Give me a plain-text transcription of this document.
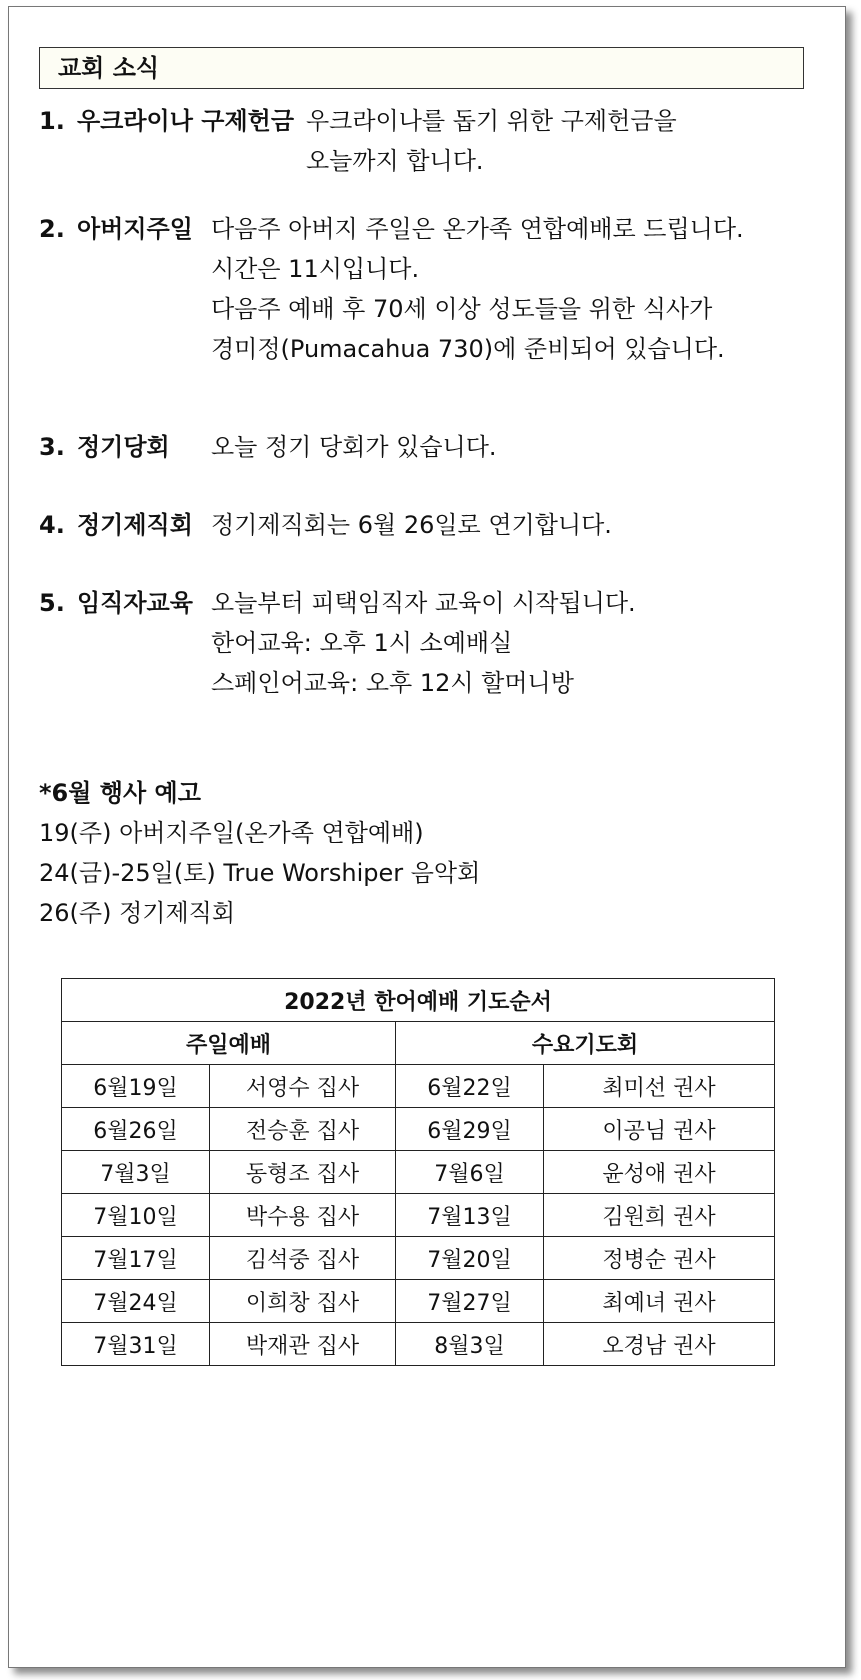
교회 소식
1. 우크라이나 구제헌금 우크라이나를 돕기 위한 구제헌금을
오늘까지 합니다.
2. 아버지주일 다음주 아버지 주일은 온가족 연합예배로 드립니다.
시간은 11시입니다.
다음주 예배 후 70세 이상 성도들을 위한 식사가
경미정(Pumacahua 730)에 준비되어 있습니다.
3. 정기당회 오늘 정기 당회가 있습니다.
4. 정기제직회 정기제직회는 6월 26일로 연기합니다.
5. 임직자교육 오늘부터 피택임직자 교육이 시작됩니다.
한어교육: 오후 1시 소예배실
스페인어교육: 오후 12시 할머니방
*6월 행사 예고
19(주) 아버지주일(온가족 연합예배)
24(금)-25일(토) True Worshiper 음악회
26(주) 정기제직회
2022년 한어예배 기도순서			
주일예배		수요기도회	
6월19일	서영수 집사	6월22일	최미선 권사
6월26일	전승훈 집사	6월29일	이공님 권사
7월3일	동형조 집사	7월6일	윤성애 권사
7월10일	박수용 집사	7월13일	김원희 권사
7월17일	김석중 집사	7월20일	정병순 권사
7월24일	이희창 집사	7월27일	최예녀 권사
7월31일	박재관 집사	8월3일	오경남 권사
